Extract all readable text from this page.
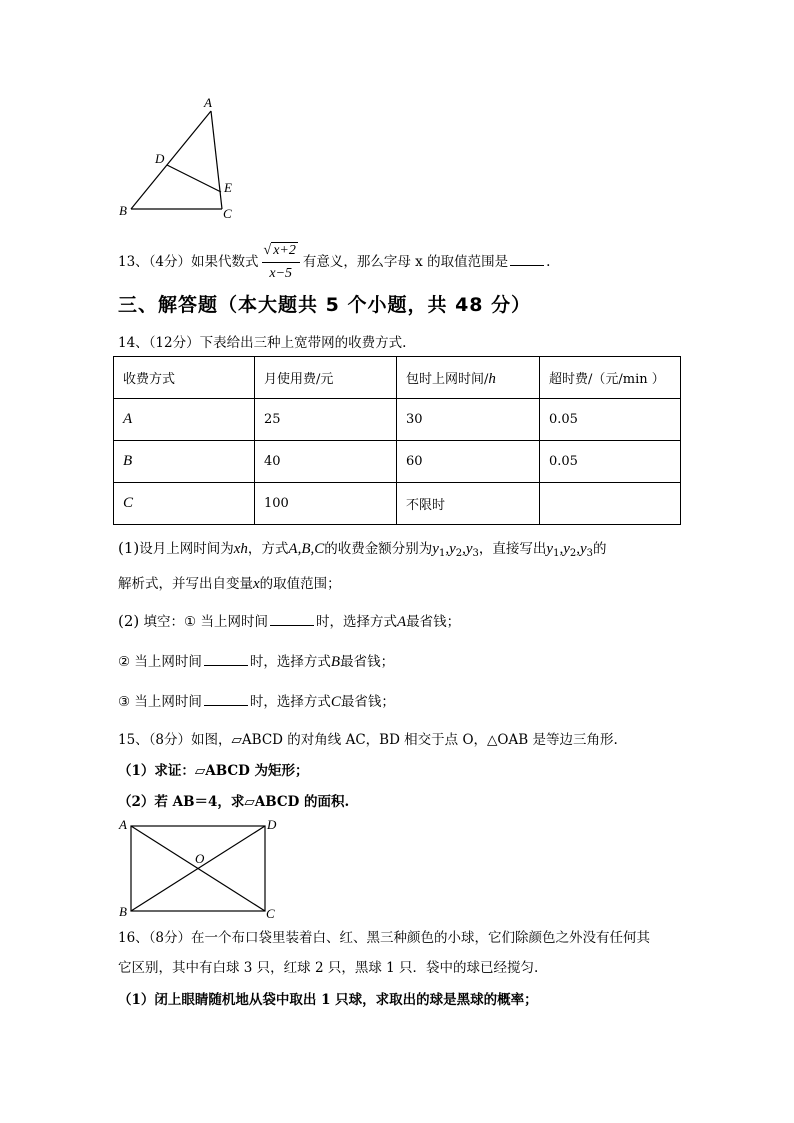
A
D
E
B	C
13、（4分）如果代数式 $\frac{√ x+2}{x-5}$ 有意义，那么字母 x 的取值范围是	.
三、解答题（本大题共 5 个小题，共 48 分）
14、（12分）下表给出三种上宽带网的收费方式.
收费方式	月使用费/元	包时上网时间/h	超时费/（元/min ）
A	25	30	0.05
B	40	60	0.05
C	100	不限时	
(1)设月上网时间为xh，方式A,B,C的收费金额分别为$y_1,y_2,y_3$，直接写出$y_1,y_2,y_3$的
解析式，并写出自变量x的取值范围；
(2) 填空：① 当上网时间	时，选择方式A最省钱；
② 当上网时间	时，选择方式B最省钱；
③ 当上网时间	时，选择方式C最省钱；
15、（8分）如图，▱ABCD 的对角线 AC，BD 相交于点 O，△OAB 是等边三角形.
（1）求证：▱ABCD 为矩形；
（2）若 AB＝4，求▱ABCD 的面积.
A	D
O
B	C
16、（8分）在一个布口袋里装着白、红、黑三种颜色的小球，它们除颜色之外没有任何其
它区别，其中有白球 3 只，红球 2 只，黑球 1 只．袋中的球已经搅匀.
（1）闭上眼睛随机地从袋中取出 1 只球，求取出的球是黑球的概率；
